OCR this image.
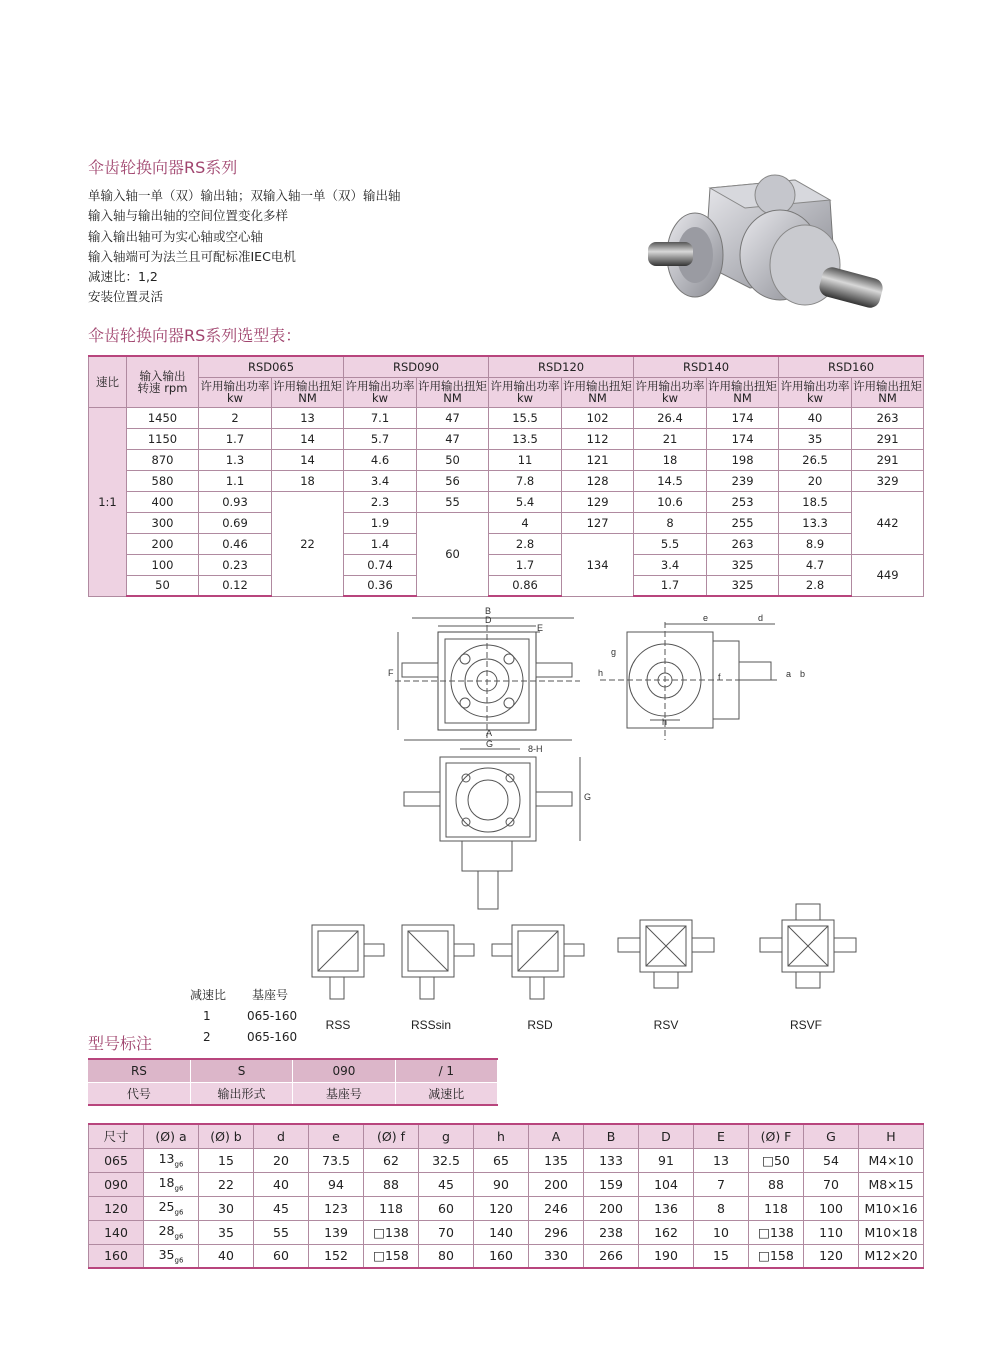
伞齿轮换向器RS系列
单输入轴一单（双）输出轴；双输入轴一单（双）输出轴
输入轴与输出轴的空间位置变化多样
输入输出轴可为实心轴或空心轴
输入轴端可为法兰且可配标准IEC电机
减速比：1,2
安装位置灵活
伞齿轮换向器RS系列选型表：
速比	输入输出 转速 rpm	RSD065		RSD090		RSD120		RSD140		RSD160	
		许用输出功率kw	许用输出扭矩NM	许用输出功率kw	许用输出扭矩NM	许用输出功率kw	许用输出扭矩NM	许用输出功率kw	许用输出扭矩NM	许用输出功率kw	许用输出扭矩NM
1:1	1450	2	13	7.1	47	15.5	102	26.4	174	40	263
	1150	1.7	14	5.7	47	13.5	112	21	174	35	291
	870	1.3	14	4.6	50	11	121	18	198	26.5	291
	580	1.1	18	3.4	56	7.8	128	14.5	239	20	329
	400	0.93	22	2.3	55	5.4	129	10.6	253	18.5	442
	300	0.69		1.9	60	4	127	8	255	13.3	
	200	0.46		1.4		2.8	134	5.5	263	8.9	
	100	0.23		0.74		1.7		3.4	325	4.7	449
	50	0.12		0.36		0.86		1.7	325	2.8	
B
D
E
F
e	d
g
h	f	a b
h
A
G	8-H
G
RSS	RSSsin	RSD	RSV	RSVF
减速比 基座号
1	065-160
2	065-160
型号标注
RS	S	090	/ 1
代号	输出形式	基座号	减速比
尺寸	(Ø) a	(Ø) b	d	e	(Ø) f	g	h	A	B	D	E	(Ø) F	G	H
065	$13_{g6}$	15	20	73.5	62	32.5	65	135	133	91	13	□50	54	M4×10
090	$18_{g6}$	22	40	94	88	45	90	200	159	104	7	88	70	M8×15
120	$25_{g6}$	30	45	123	118	60	120	246	200	136	8	118	100	M10×16
140	$28_{g6}$	35	55	139	□138	70	140	296	238	162	10	□138	110	M10×18
160	$35_{g6}$	40	60	152	□158	80	160	330	266	190	15	□158	120	M12×20
